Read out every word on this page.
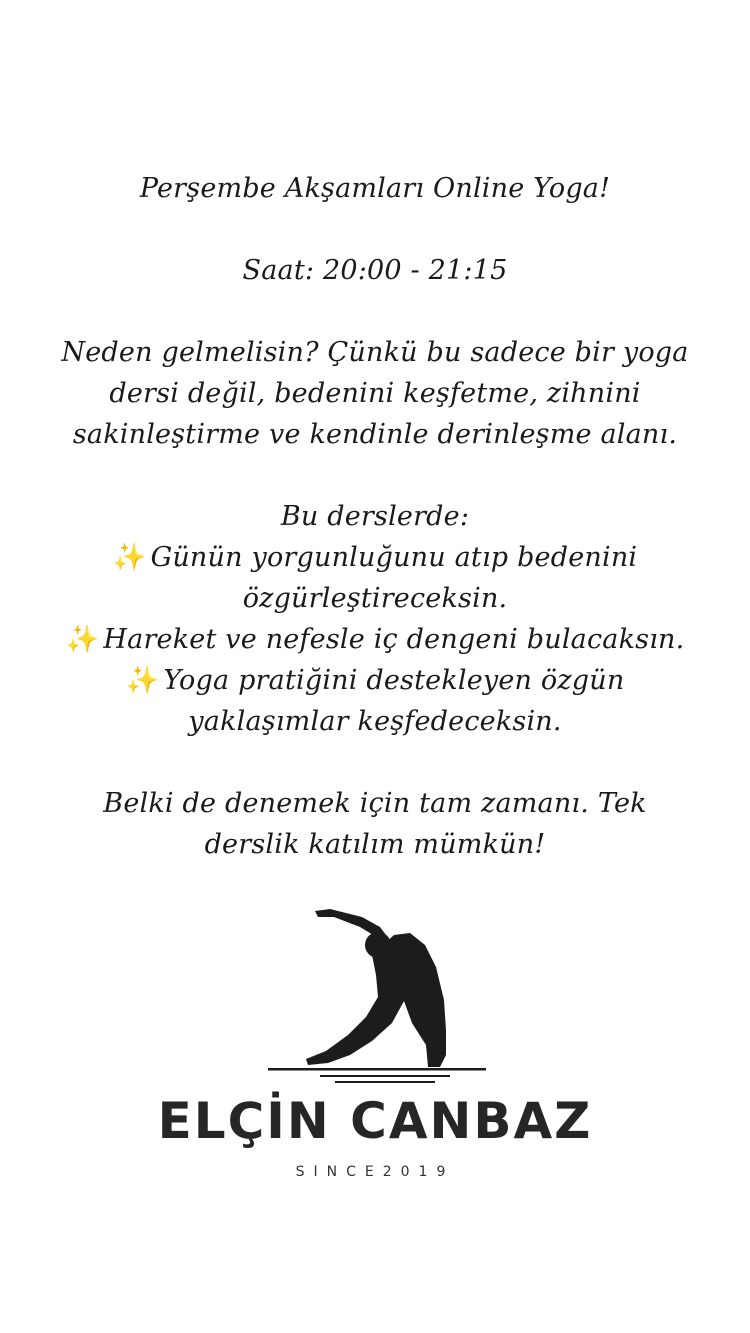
Perşembe Akşamları Online Yoga!

Saat: 20:00 - 21:15

Neden gelmelisin? Çünkü bu sadece bir yoga dersi değil, bedenini keşfetme, zihnini sakinleştirme ve kendinle derinleşme alanı.

Bu derslerde:

✨ Günün yorgunluğunu atıp bedenini özgürleştireceksin.

✨ Hareket ve nefesle iç dengeni bulacaksın.

✨ Yoga pratiğini destekleyen özgün yaklaşımlar keşfedeceksin.

Belki de denemek için tam zamanı. Tek derslik katılım mümkün!

ELÇİN CANBAZ
SINCE2019
